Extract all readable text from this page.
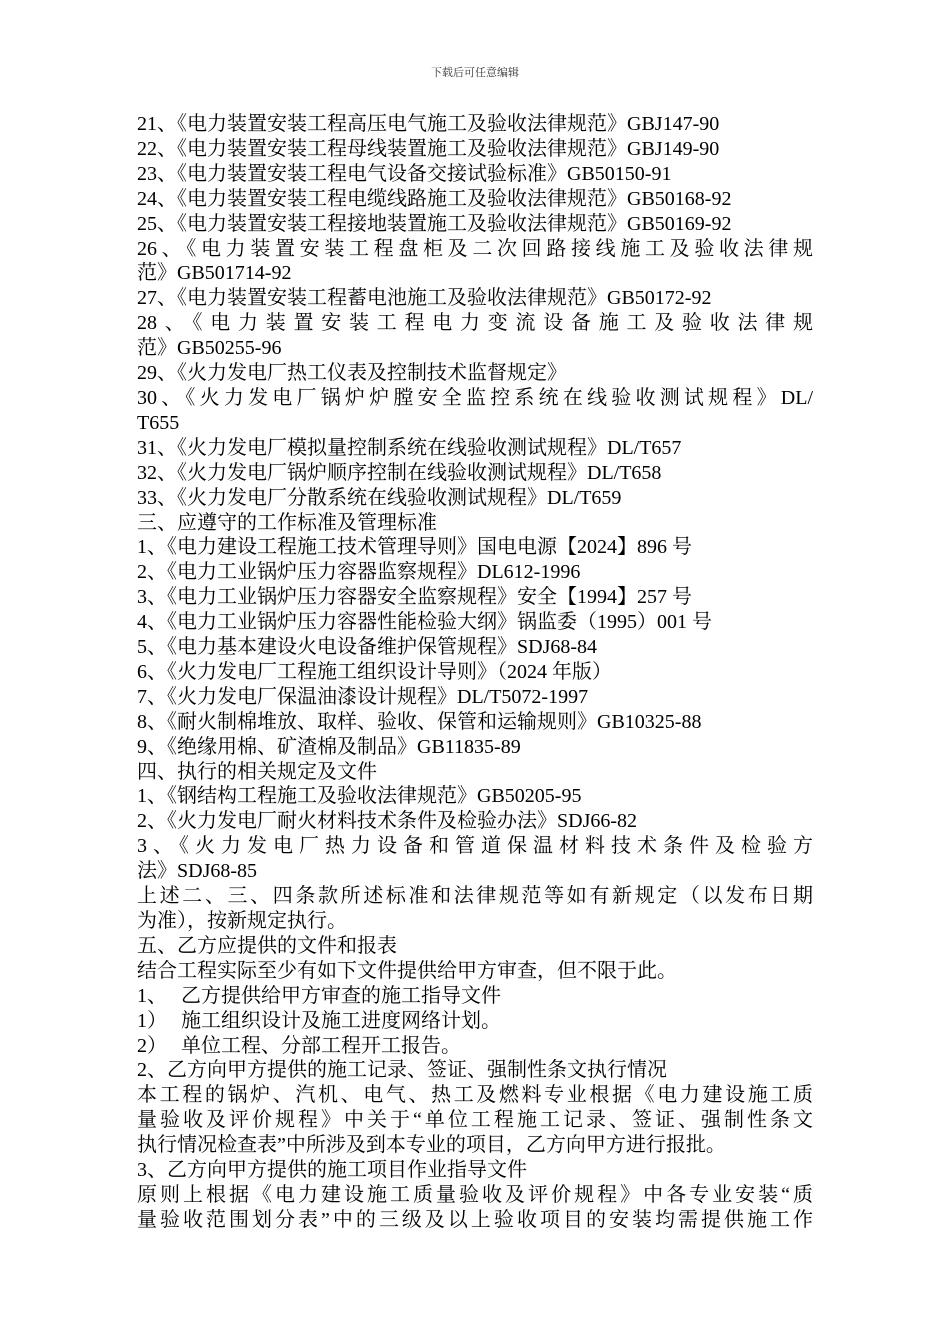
下载后可任意编辑
21、《电力装置安装工程高压电气施工及验收法律规范》GBJ147-90
22、《电力装置安装工程母线装置施工及验收法律规范》GBJ149-90
23、《电力装置安装工程电气设备交接试验标准》GB50150-91
24、《电力装置安装工程电缆线路施工及验收法律规范》GB50168-92
25、《电力装置安装工程接地装置施工及验收法律规范》GB50169-92
26、《电力装置安装工程盘柜及二次回路接线施工及验收法律规
范》GB501714-92
27、《电力装置安装工程蓄电池施工及验收法律规范》GB50172-92
28、《电力装置安装工程电力变流设备施工及验收法律规
范》GB50255-96
29、《火力发电厂热工仪表及控制技术监督规定》
30、《火力发电厂锅炉炉膛安全监控系统在线验收测试规程》DL/
T655
31、《火力发电厂模拟量控制系统在线验收测试规程》DL/T657
32、《火力发电厂锅炉顺序控制在线验收测试规程》DL/T658
33、《火力发电厂分散系统在线验收测试规程》DL/T659
三、应遵守的工作标准及管理标准
1、《电力建设工程施工技术管理导则》国电电源【2024】896 号
2、《电力工业锅炉压力容器监察规程》DL612-1996
3、《电力工业锅炉压力容器安全监察规程》安全【1994】257 号
4、《电力工业锅炉压力容器性能检验大纲》锅监委（1995）001 号
5、《电力基本建设火电设备维护保管规程》SDJ68-84
6、《火力发电厂工程施工组织设计导则》（2024 年版）
7、《火力发电厂保温油漆设计规程》DL/T5072-1997
8、《耐火制棉堆放、取样、验收、保管和运输规则》GB10325-88
9、《绝缘用棉、矿渣棉及制品》GB11835-89
四、执行的相关规定及文件
1、《钢结构工程施工及验收法律规范》GB50205-95
2、《火力发电厂耐火材料技术条件及检验办法》SDJ66-82
3、《火力发电厂热力设备和管道保温材料技术条件及检验方
法》SDJ68-85
上述二、三、四条款所述标准和法律规范等如有新规定（以发布日期
为准），按新规定执行。
五、乙方应提供的文件和报表
结合工程实际至少有如下文件提供给甲方审查，但不限于此。
1、 乙方提供给甲方审查的施工指导文件
1） 施工组织设计及施工进度网络计划。
2） 单位工程、分部工程开工报告。
2、乙方向甲方提供的施工记录、签证、强制性条文执行情况
本工程的锅炉、汽机、电气、热工及燃料专业根据《电力建设施工质
量验收及评价规程》中关于“单位工程施工记录、签证、强制性条文
执行情况检查表”中所涉及到本专业的项目，乙方向甲方进行报批。
3、乙方向甲方提供的施工项目作业指导文件
原则上根据《电力建设施工质量验收及评价规程》中各专业安装“质
量验收范围划分表”中的三级及以上验收项目的安装均需提供施工作
